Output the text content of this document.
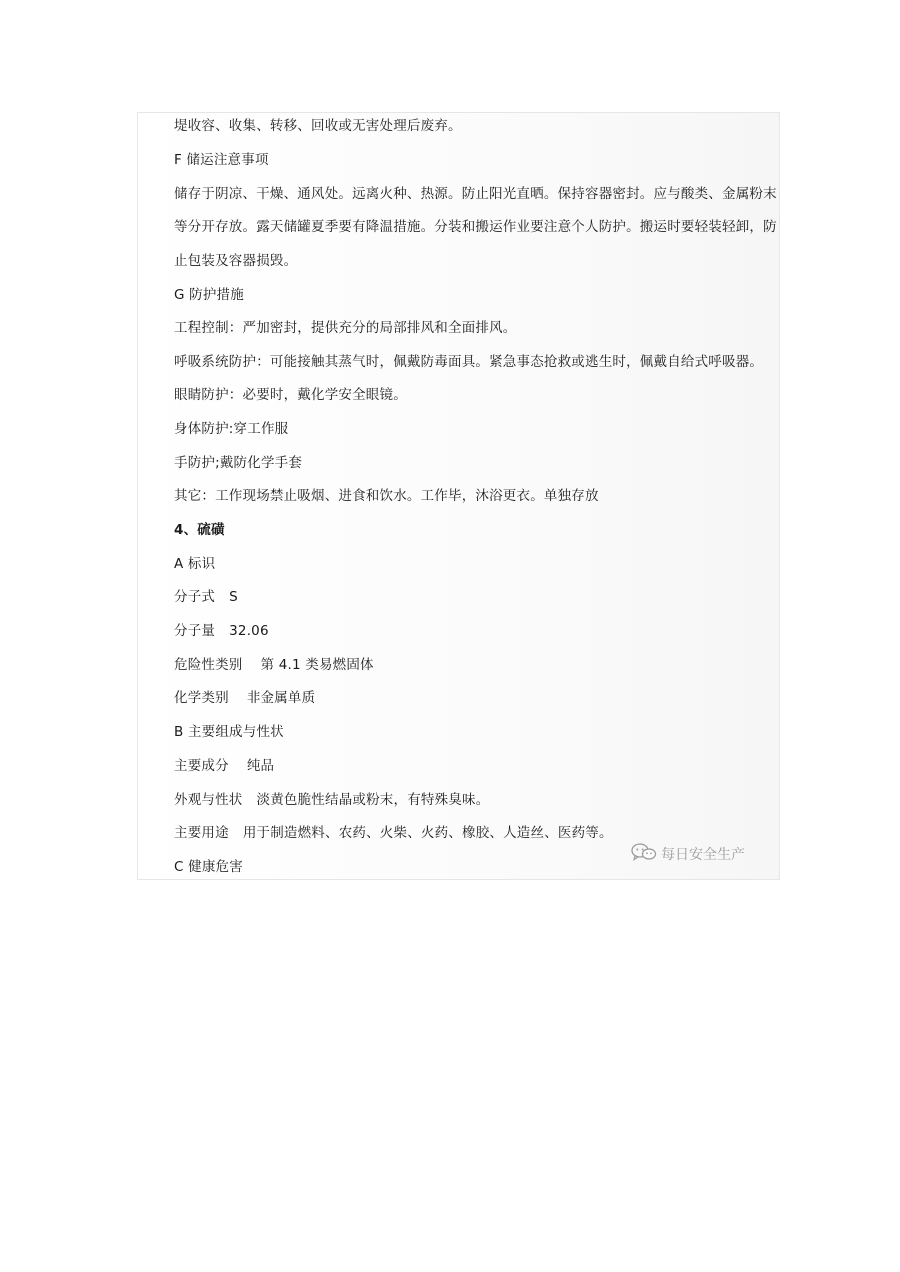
堤收容、收集、转移、回收或无害处理后废弃。
F 储运注意事项
储存于阴凉、干燥、通风处。远离火种、热源。防止阳光直晒。保持容器密封。应与酸类、金属粉末
等分开存放。露天储罐夏季要有降温措施。分装和搬运作业要注意个人防护。搬运时要轻装轻卸，防
止包装及容器损毁。
G 防护措施
工程控制：严加密封，提供充分的局部排风和全面排风。
呼吸系统防护：可能接触其蒸气时，佩戴防毒面具。紧急事态抢救或逃生时，佩戴自给式呼吸器。
眼睛防护：必要时，戴化学安全眼镜。
身体防护:穿工作服
手防护;戴防化学手套
其它：工作现场禁止吸烟、进食和饮水。工作毕，沐浴更衣。单独存放
4、硫磺
A 标识
分子式 S
分子量 32.06
危险性类别 第 4.1 类易燃固体
化学类别 非金属单质
B 主要组成与性状
主要成分 纯品
外观与性状 淡黄色脆性结晶或粉末，有特殊臭味。
主要用途 用于制造燃料、农药、火柴、火药、橡胶、人造丝、医药等。
C 健康危害
每日安全生产
